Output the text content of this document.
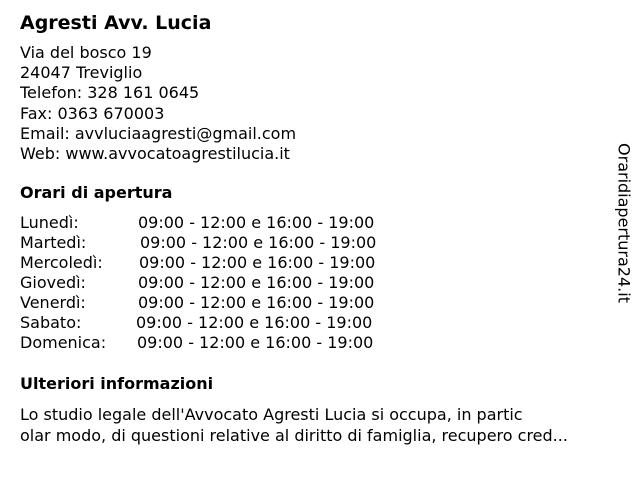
Agresti Avv. Lucia
Via del bosco 19
24047 Treviglio
Telefon: 328 161 0645
Fax: 0363 670003
Email: avvluciaagresti@gmail.com
Web: www.avvocatoagrestilucia.it
Orari di apertura
Lunedì:	09:00 - 12:00 e 16:00 - 19:00
Martedì:	09:00 - 12:00 e 16:00 - 19:00
Mercoledì: 09:00 - 12:00 e 16:00 - 19:00
Giovedì:	09:00 - 12:00 e 16:00 - 19:00
Venerdì:	09:00 - 12:00 e 16:00 - 19:00
Sabato:	09:00 - 12:00 e 16:00 - 19:00
Domenica: 09:00 - 12:00 e 16:00 - 19:00
Ulteriori informazioni
Lo studio legale dell'Avvocato Agresti Lucia si occupa, in partic
olar modo, di questioni relative al diritto di famiglia, recupero cred...
Oraridiapertura24.it
